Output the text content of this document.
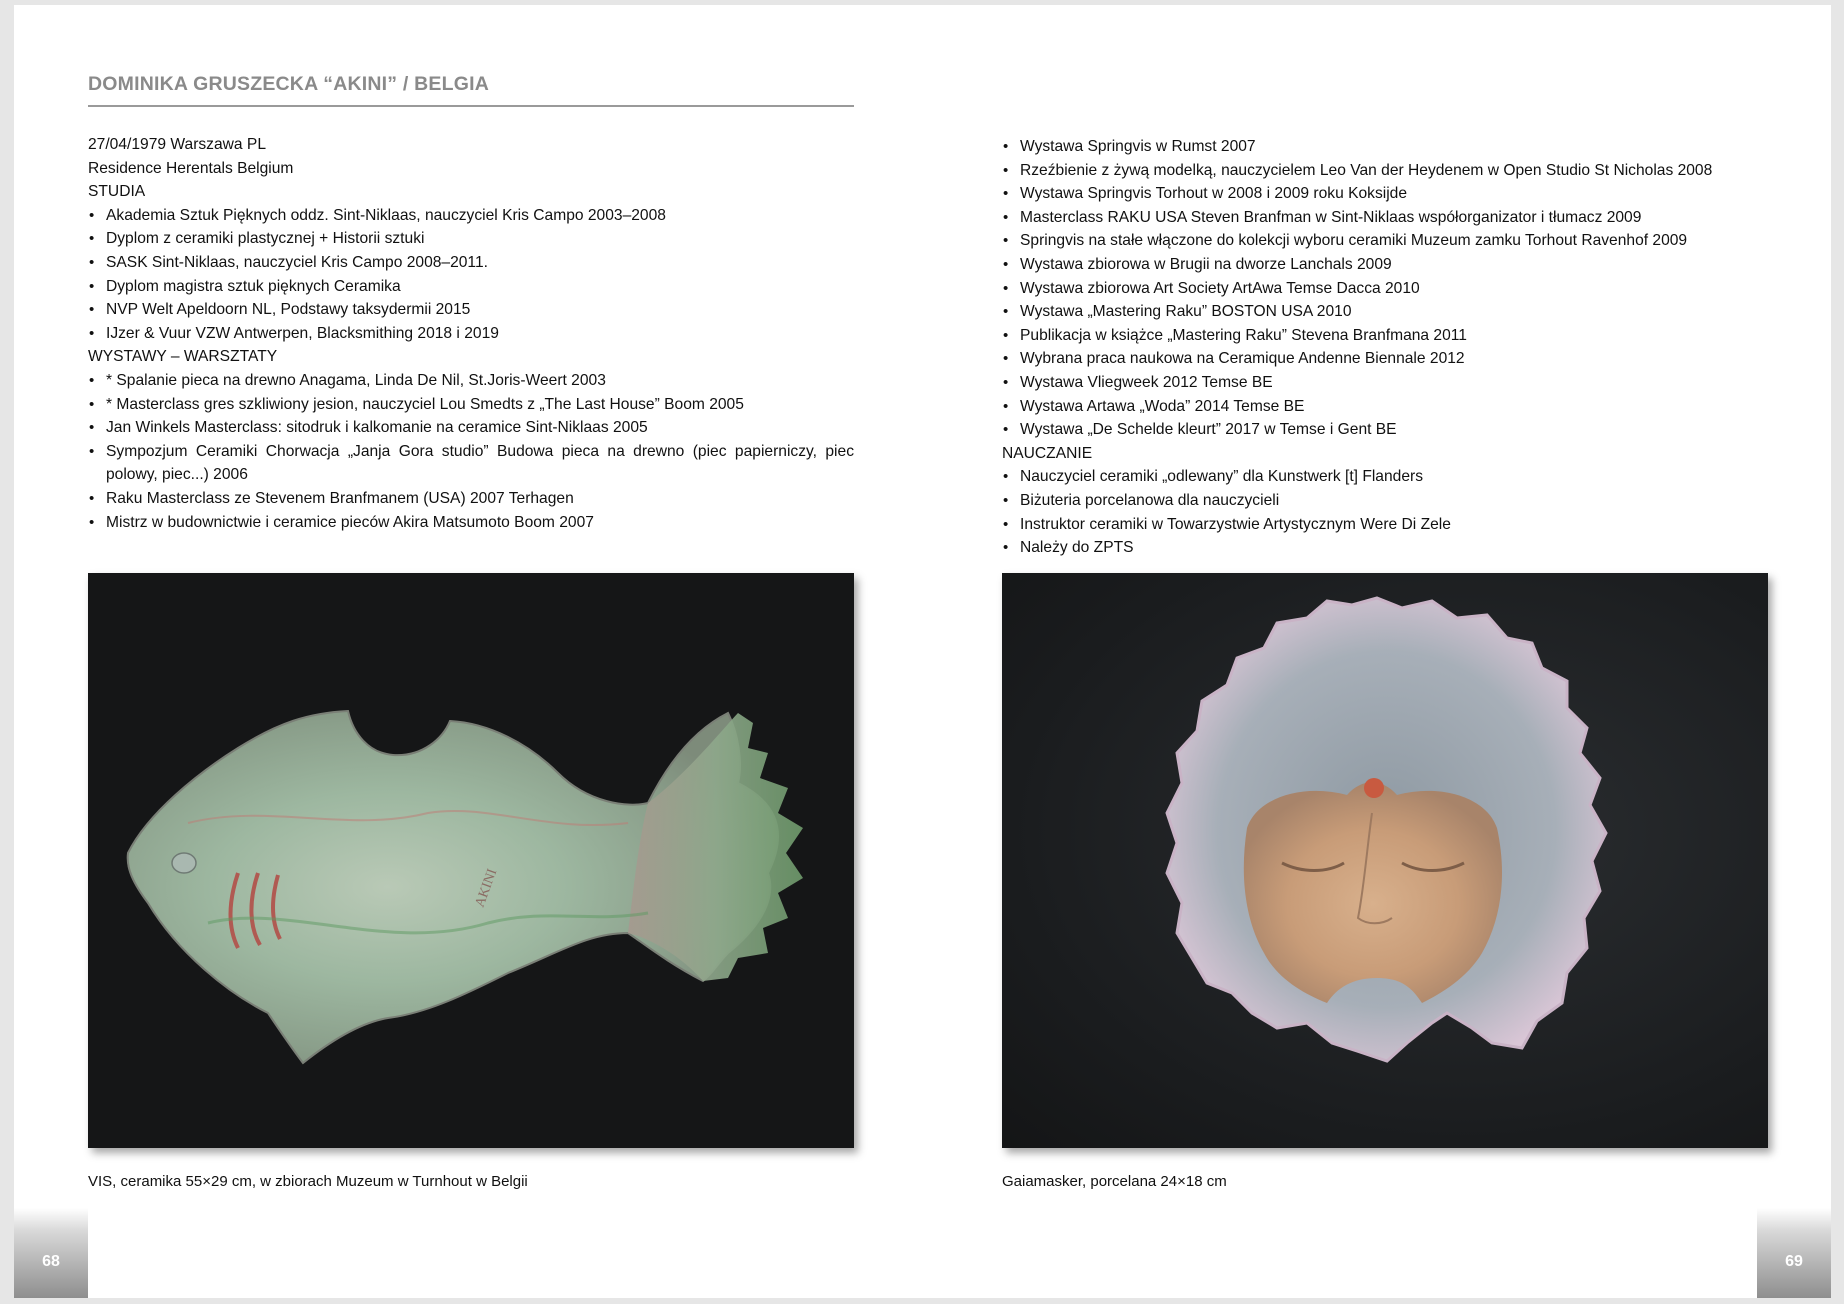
DOMINIKA GRUSZECKA “AKINI” / BELGIA
27/04/1979 Warszawa PL
Residence Herentals Belgium
STUDIA
• Akademia Sztuk Pięknych oddz. Sint-Niklaas, nauczyciel Kris Campo 2003–2008
• Dyplom z ceramiki plastycznej + Historii sztuki
• SASK Sint-Niklaas, nauczyciel Kris Campo 2008–2011.
• Dyplom magistra sztuk pięknych Ceramika
• NVP Welt Apeldoorn NL, Podstawy taksydermii 2015
• IJzer & Vuur VZW Antwerpen, Blacksmithing 2018 i 2019
WYSTAWY – WARSZTATY
• * Spalanie pieca na drewno Anagama, Linda De Nil, St.Joris-Weert 2003
• * Masterclass gres szkliwiony jesion, nauczyciel Lou Smedts z „The Last House” Boom 2005
• Jan Winkels Masterclass: sitodruk i kalkomanie na ceramice Sint-Niklaas 2005
• Sympozjum Ceramiki Chorwacja „Janja Gora studio” Budowa pieca na drewno (piec papierniczy, piec polowy, piec...) 2006
• Raku Masterclass ze Stevenem Branfmanem (USA) 2007 Terhagen
• Mistrz w budownictwie i ceramice pieców Akira Matsumoto Boom 2007
• Wystawa Springvis w Rumst 2007
• Rzeźbienie z żywą modelką, nauczycielem Leo Van der Heydenem w Open Studio St Nicholas 2008
• Wystawa Springvis Torhout w 2008 i 2009 roku Koksijde
• Masterclass RAKU USA Steven Branfman w Sint-Niklaas współorganizator i tłumacz 2009
• Springvis na stałe włączone do kolekcji wyboru ceramiki Muzeum zamku Torhout Ravenhof 2009
• Wystawa zbiorowa w Brugii na dworze Lanchals 2009
• Wystawa zbiorowa Art Society ArtAwa Temse Dacca 2010
• Wystawa „Mastering Raku” BOSTON USA 2010
• Publikacja w książce „Mastering Raku” Stevena Branfmana 2011
• Wybrana praca naukowa na Ceramique Andenne Biennale 2012
• Wystawa Vliegweek 2012 Temse BE
• Wystawa Artawa „Woda” 2014 Temse BE
• Wystawa „De Schelde kleurt” 2017 w Temse i Gent BE
NAUCZANIE
• Nauczyciel ceramiki „odlewany” dla Kunstwerk [t] Flanders
• Biżuteria porcelanowa dla nauczycieli
• Instruktor ceramiki w Towarzystwie Artystycznym Were Di Zele
• Należy do ZPTS
AKINI
VIS, ceramika 55×29 cm, w zbiorach Muzeum w Turnhout w Belgii	Gaiamasker, porcelana 24×18 cm
68	69
